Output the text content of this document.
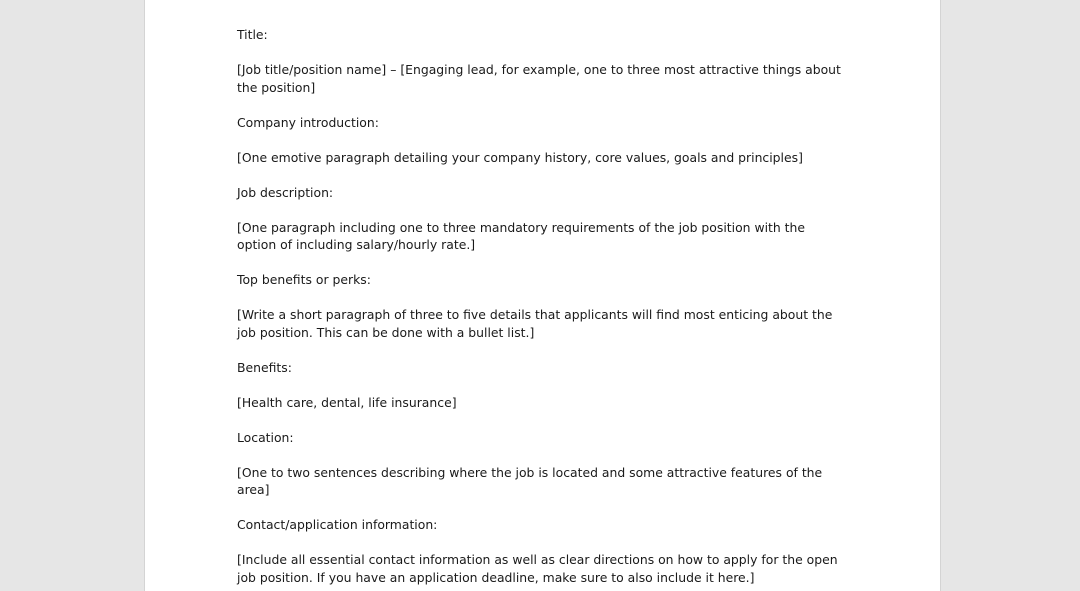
Title:

[Job title/position name] – [Engaging lead, for example, one to three most attractive things about the position]

Company introduction:

[One emotive paragraph detailing your company history, core values, goals and principles]

Job description:

[One paragraph including one to three mandatory requirements of the job position with the option of including salary/hourly rate.]

Top benefits or perks:

[Write a short paragraph of three to five details that applicants will find most enticing about the job position. This can be done with a bullet list.]

Benefits:

[Health care, dental, life insurance]

Location:

[One to two sentences describing where the job is located and some attractive features of the area]

Contact/application information:

[Include all essential contact information as well as clear directions on how to apply for the open job position. If you have an application deadline, make sure to also include it here.]
